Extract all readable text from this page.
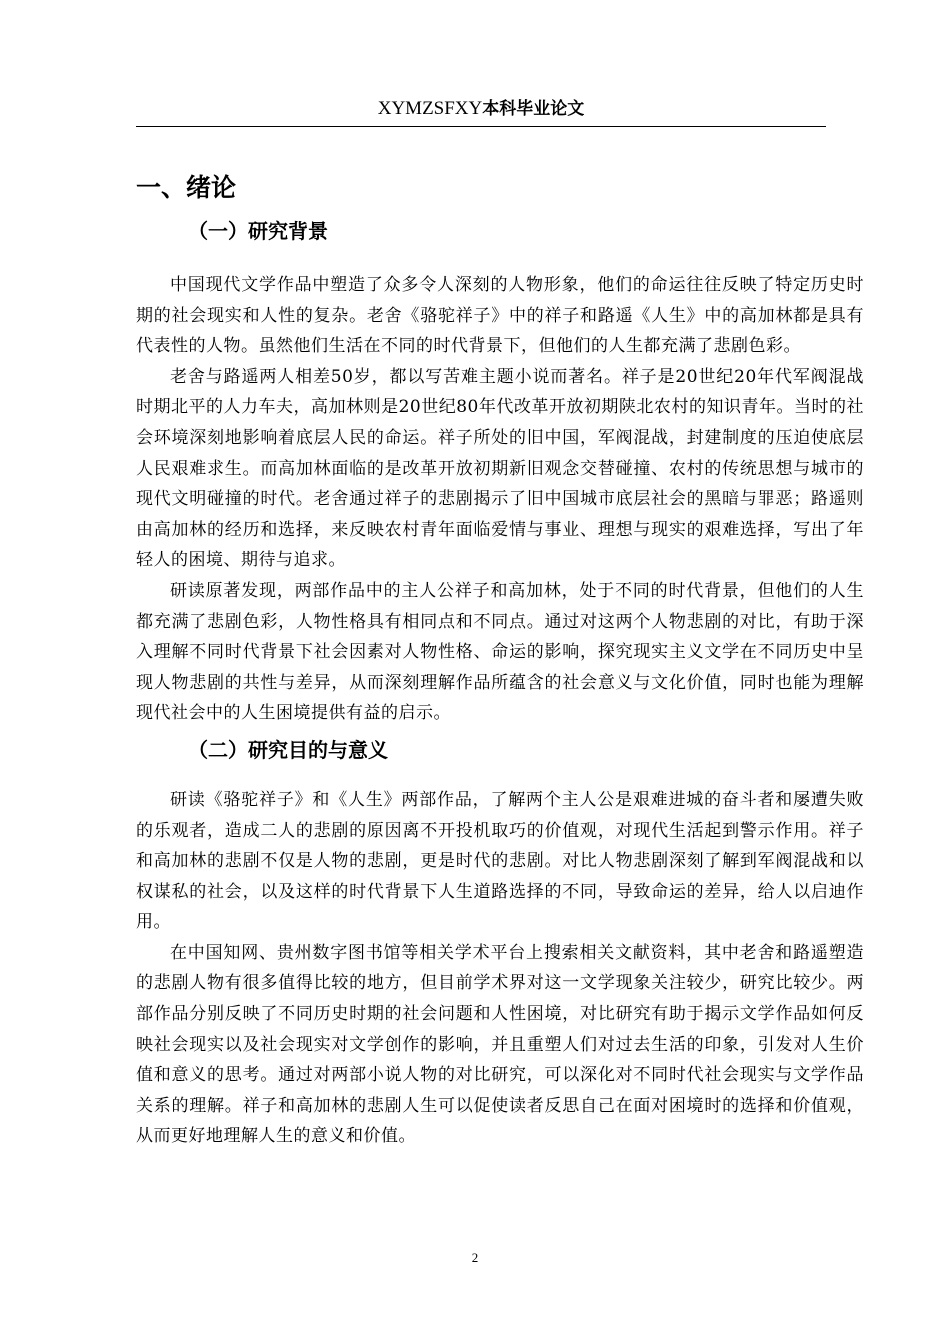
XYMZSFXY本科毕业论文
一、绪论
（一）研究背景

中国现代文学作品中塑造了众多令人深刻的人物形象，他们的命运往往反映了特定历史时期的社会现实和人性的复杂。老舍《骆驼祥子》中的祥子和路遥《人生》中的高加林都是具有代表性的人物。虽然他们生活在不同的时代背景下，但他们的人生都充满了悲剧色彩。

老舍与路遥两人相差50岁，都以写苦难主题小说而著名。祥子是20世纪20年代军阀混战时期北平的人力车夫，高加林则是20世纪80年代改革开放初期陕北农村的知识青年。当时的社会环境深刻地影响着底层人民的命运。祥子所处的旧中国，军阀混战，封建制度的压迫使底层人民艰难求生。而高加林面临的是改革开放初期新旧观念交替碰撞、农村的传统思想与城市的现代文明碰撞的时代。老舍通过祥子的悲剧揭示了旧中国城市底层社会的黑暗与罪恶；路遥则由高加林的经历和选择，来反映农村青年面临爱情与事业、理想与现实的艰难选择，写出了年轻人的困境、期待与追求。

研读原著发现，两部作品中的主人公祥子和高加林，处于不同的时代背景，但他们的人生都充满了悲剧色彩，人物性格具有相同点和不同点。通过对这两个人物悲剧的对比，有助于深入理解不同时代背景下社会因素对人物性格、命运的影响，探究现实主义文学在不同历史中呈现人物悲剧的共性与差异，从而深刻理解作品所蕴含的社会意义与文化价值，同时也能为理解现代社会中的人生困境提供有益的启示。

（二）研究目的与意义

研读《骆驼祥子》和《人生》两部作品，了解两个主人公是艰难进城的奋斗者和屡遭失败的乐观者，造成二人的悲剧的原因离不开投机取巧的价值观，对现代生活起到警示作用。祥子和高加林的悲剧不仅是人物的悲剧，更是时代的悲剧。对比人物悲剧深刻了解到军阀混战和以权谋私的社会，以及这样的时代背景下人生道路选择的不同，导致命运的差异，给人以启迪作用。

在中国知网、贵州数字图书馆等相关学术平台上搜索相关文献资料，其中老舍和路遥塑造的悲剧人物有很多值得比较的地方，但目前学术界对这一文学现象关注较少，研究比较少。两部作品分别反映了不同历史时期的社会问题和人性困境，对比研究有助于揭示文学作品如何反映社会现实以及社会现实对文学创作的影响，并且重塑人们对过去生活的印象，引发对人生价值和意义的思考。通过对两部小说人物的对比研究，可以深化对不同时代社会现实与文学作品关系的理解。祥子和高加林的悲剧人生可以促使读者反思自己在面对困境时的选择和价值观，从而更好地理解人生的意义和价值。

2
